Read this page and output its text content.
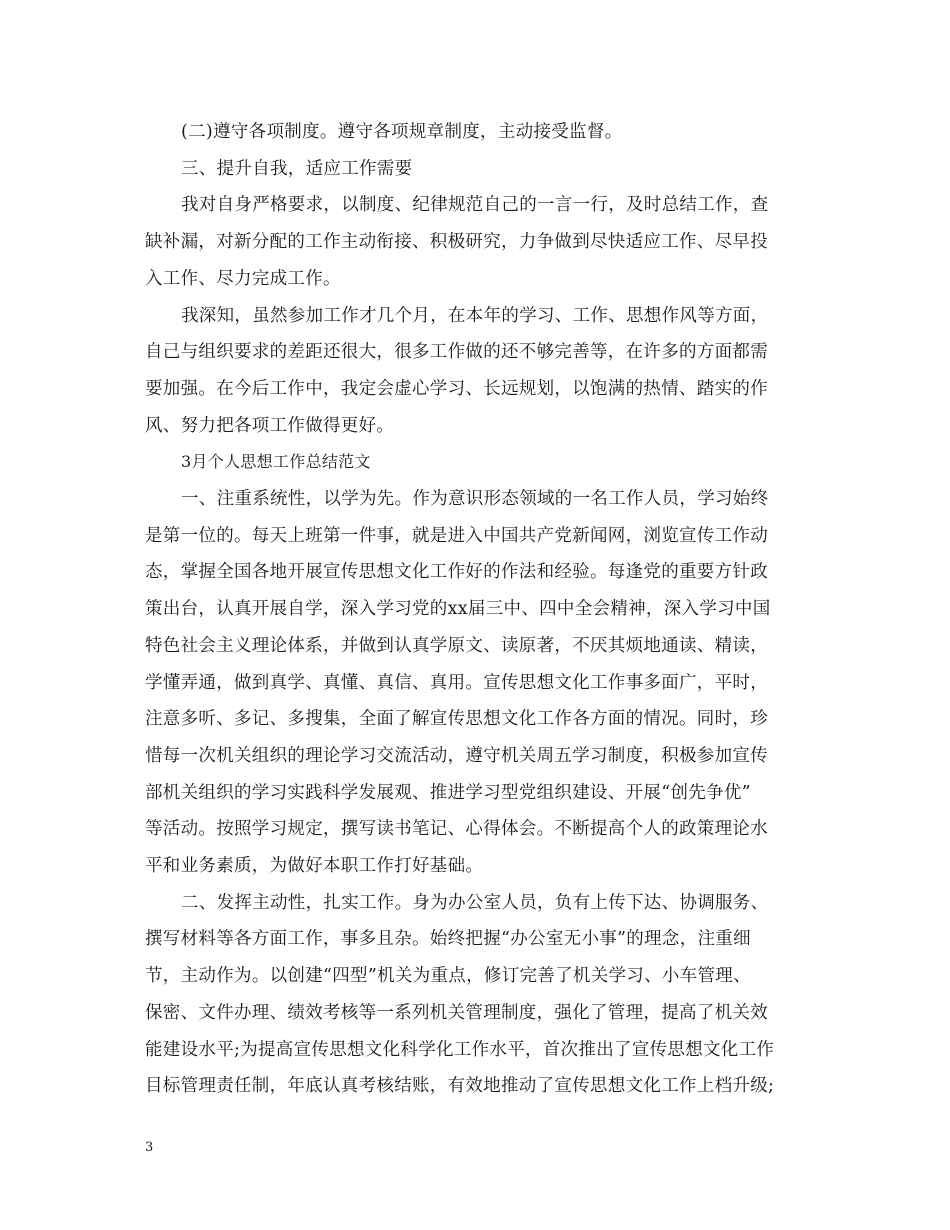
(二)遵守各项制度。遵守各项规章制度，主动接受监督。

三、提升自我，适应工作需要

我对自身严格要求，以制度、纪律规范自己的一言一行，及时总结工作，查
缺补漏，对新分配的工作主动衔接、积极研究，力争做到尽快适应工作、尽早投
入工作、尽力完成工作。

我深知，虽然参加工作才几个月，在本年的学习、工作、思想作风等方面，
自己与组织要求的差距还很大，很多工作做的还不够完善等，在许多的方面都需
要加强。在今后工作中，我定会虚心学习、长远规划，以饱满的热情、踏实的作
风、努力把各项工作做得更好。

3月个人思想工作总结范文

一、注重系统性，以学为先。作为意识形态领域的一名工作人员，学习始终
是第一位的。每天上班第一件事，就是进入中国共产党新闻网，浏览宣传工作动
态，掌握全国各地开展宣传思想文化工作好的作法和经验。每逢党的重要方针政
策出台，认真开展自学，深入学习党的xx届三中、四中全会精神，深入学习中国
特色社会主义理论体系，并做到认真学原文、读原著，不厌其烦地通读、精读，
学懂弄通，做到真学、真懂、真信、真用。宣传思想文化工作事多面广，平时，
注意多听、多记、多搜集，全面了解宣传思想文化工作各方面的情况。同时，珍
惜每一次机关组织的理论学习交流活动，遵守机关周五学习制度，积极参加宣传
部机关组织的学习实践科学发展观、推进学习型党组织建设、开展“创先争优”
等活动。按照学习规定，撰写读书笔记、心得体会。不断提高个人的政策理论水
平和业务素质，为做好本职工作打好基础。

二、发挥主动性，扎实工作。身为办公室人员，负有上传下达、协调服务、
撰写材料等各方面工作，事多且杂。始终把握“办公室无小事”的理念，注重细
节，主动作为。以创建“四型”机关为重点，修订完善了机关学习、小车管理、
保密、文件办理、绩效考核等一系列机关管理制度，强化了管理，提高了机关效
能建设水平;为提高宣传思想文化科学化工作水平，首次推出了宣传思想文化工作
目标管理责任制，年底认真考核结账，有效地推动了宣传思想文化工作上档升级;

3
